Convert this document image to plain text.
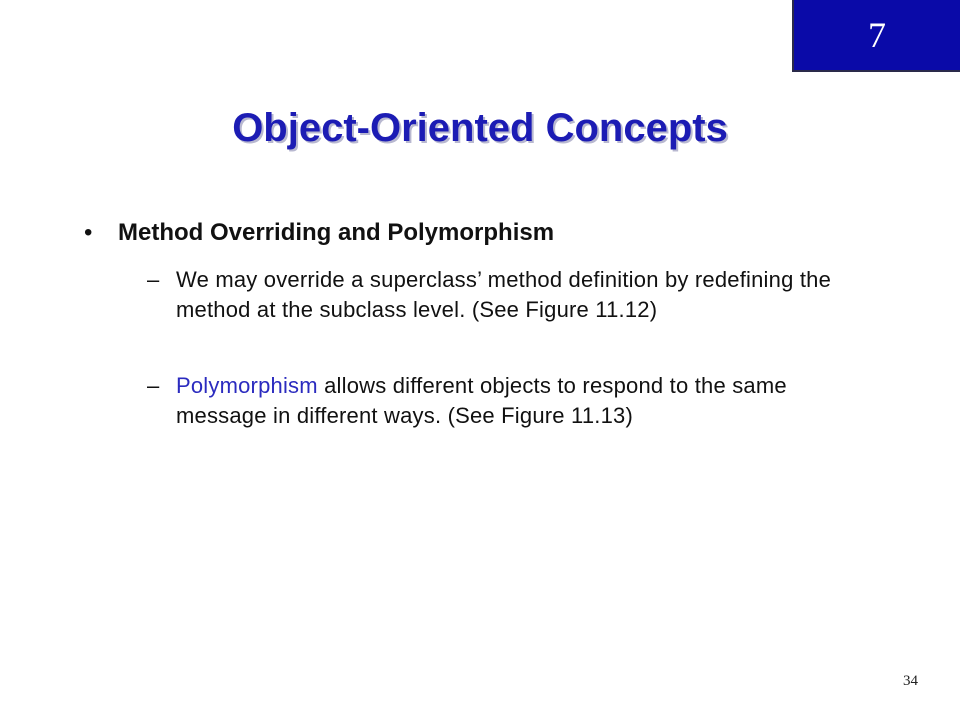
7
Object-Oriented Concepts
•	Method Overriding and Polymorphism
– We may override a superclass’ method definition by redefining the method at the subclass level. (See Figure 11.12)
– Polymorphism allows different objects to respond to the same message in different ways. (See Figure 11.13)
34
